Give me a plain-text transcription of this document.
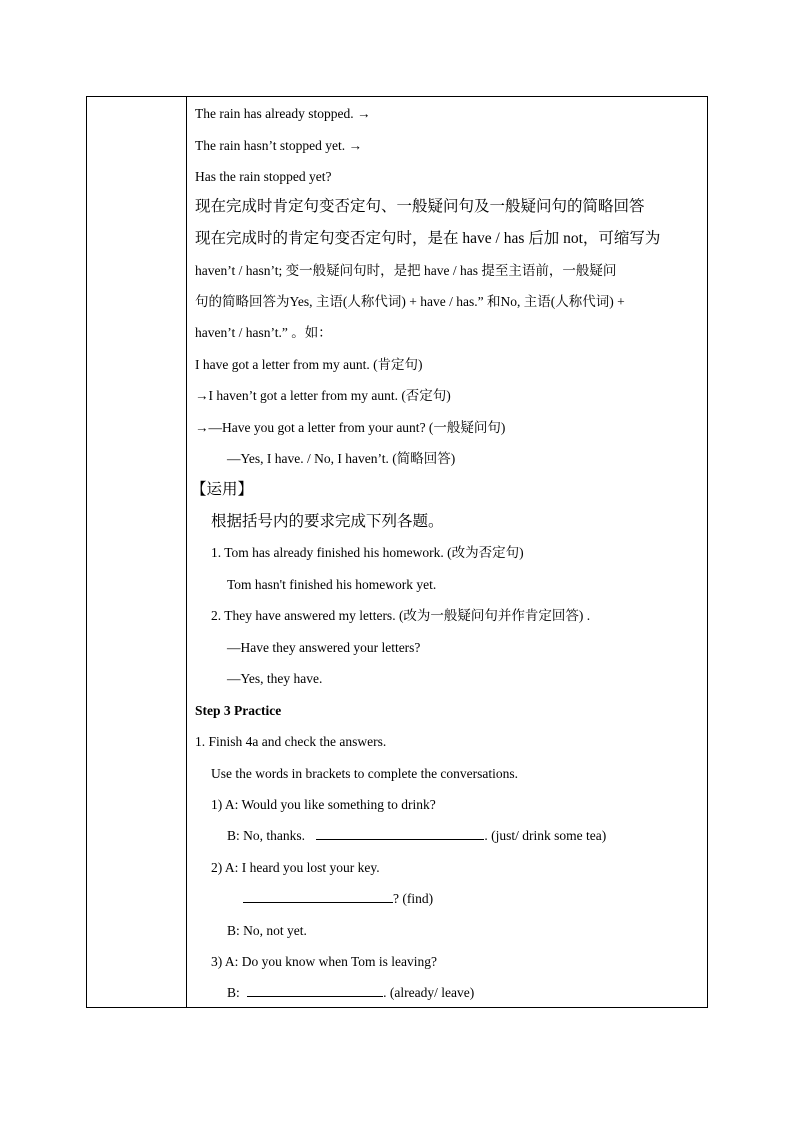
The rain has already stopped. →
The rain hasn’t stopped yet. →
Has the rain stopped yet?
现在完成时肯定句变否定句、一般疑问句及一般疑问句的简略回答
现在完成时的肯定句变否定句时，是在 have / has 后加 not，可缩写为
haven’t / hasn’t; 变一般疑问句时，是把 have / has 提至主语前，一般疑问
句的简略回答为Yes, 主语(人称代词) + have / has.” 和No, 主语(人称代词) +
haven’t / hasn’t.” 。如：
I have got a letter from my aunt. (肯定句)
→I haven’t got a letter from my aunt. (否定句)
→—Have you got a letter from your aunt? (一般疑问句)
—Yes, I have. / No, I haven’t. (简略回答)
【运用】
根据括号内的要求完成下列各题。
1. Tom has already finished his homework. (改为否定句)
Tom hasn't finished his homework yet.
2. They have answered my letters. (改为一般疑问句并作肯定回答) .
—Have they answered your letters?
—Yes, they have.
Step 3 Practice
1. Finish 4a and check the answers.
Use the words in brackets to complete the conversations.
1) A: Would you like something to drink?
B: No, thanks.	. (just/ drink some tea)
2) A: I heard you lost your key.
? (find)
B: No, not yet.
3) A: Do you know when Tom is leaving?
B:	. (already/ leave)
